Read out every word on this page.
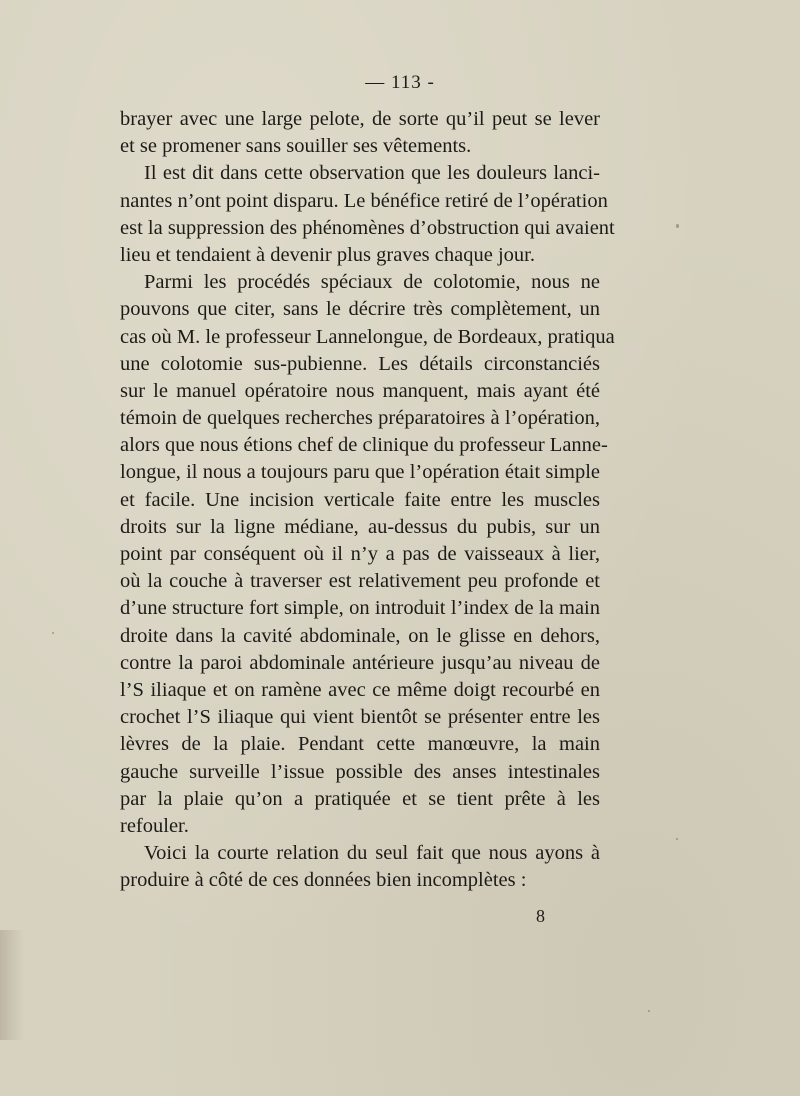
— 113 -
brayer avec une large pelote, de sorte qu’il peut se lever
et se promener sans souiller ses vêtements.
Il est dit dans cette observation que les douleurs lanci-
nantes n’ont point disparu. Le bénéfice retiré de l’opération
est la suppression des phénomènes d’obstruction qui avaient
lieu et tendaient à devenir plus graves chaque jour.
Parmi les procédés spéciaux de colotomie, nous ne
pouvons que citer, sans le décrire très complètement, un
cas où M. le professeur Lannelongue, de Bordeaux, pratiqua
une colotomie sus-pubienne. Les détails circonstanciés
sur le manuel opératoire nous manquent, mais ayant été
témoin de quelques recherches préparatoires à l’opération,
alors que nous étions chef de clinique du professeur Lanne-
longue, il nous a toujours paru que l’opération était simple
et facile. Une incision verticale faite entre les muscles
droits sur la ligne médiane, au-dessus du pubis, sur un
point par conséquent où il n’y a pas de vaisseaux à lier,
où la couche à traverser est relativement peu profonde et
d’une structure fort simple, on introduit l’index de la main
droite dans la cavité abdominale, on le glisse en dehors,
contre la paroi abdominale antérieure jusqu’au niveau de
l’S iliaque et on ramène avec ce même doigt recourbé en
crochet l’S iliaque qui vient bientôt se présenter entre les
lèvres de la plaie. Pendant cette manœuvre, la main
gauche surveille l’issue possible des anses intestinales
par la plaie qu’on a pratiquée et se tient prête à les
refouler.
Voici la courte relation du seul fait que nous ayons à
produire à côté de ces données bien incomplètes :
8
